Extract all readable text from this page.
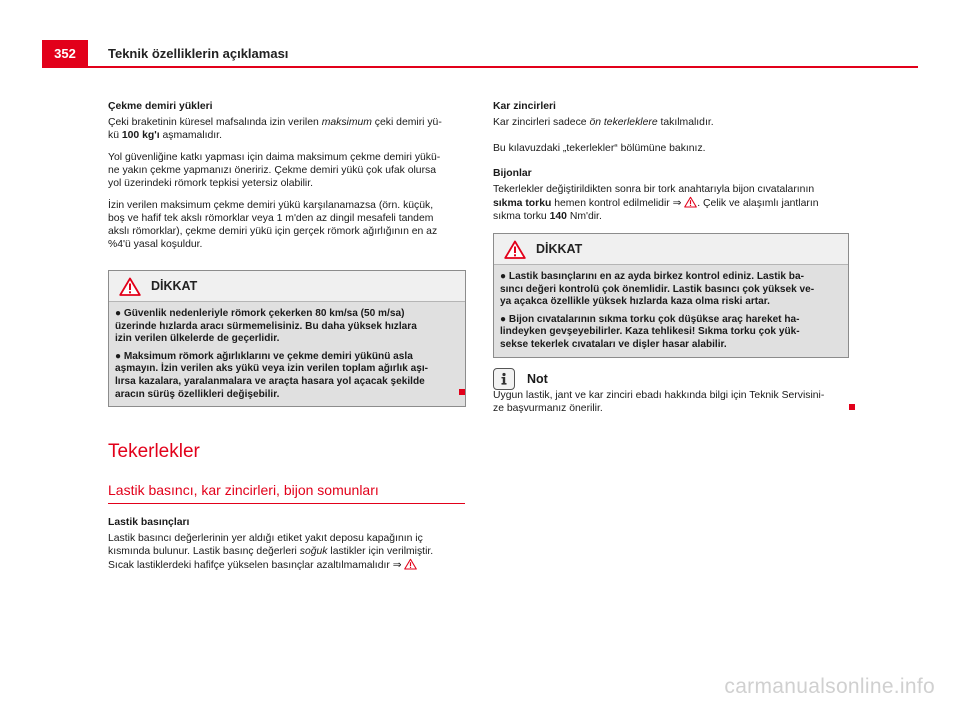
352	Teknik özelliklerin açıklaması

Çekme demiri yükleri

Çeki braketinin küresel mafsalında izin verilen maksimum çeki demiri yü-
kü 100 kg'ı aşmamalıdır.

Yol güvenliğine katkı yapması için daima maksimum çekme demiri yükü-
ne yakın çekme yapmanızı öneririz. Çekme demiri yükü çok ufak olursa
yol üzerindeki römork tepkisi yetersiz olabilir.

İzin verilen maksimum çekme demiri yükü karşılanamazsa (örn. küçük,
boş ve hafif tek akslı römorklar veya 1 m'den az dingil mesafeli tandem
akslı römorklar), çekme demiri yükü için gerçek römork ağırlığının en az
%4'ü yasal koşuldur.

DİKKAT

● Güvenlik nedenleriyle römork çekerken 80 km/sa (50 m/sa)
üzerinde hızlarda aracı sürmemelisiniz. Bu daha yüksek hızlara
izin verilen ülkelerde de geçerlidir.

● Maksimum römork ağırlıklarını ve çekme demiri yükünü asla
aşmayın. İzin verilen aks yükü veya izin verilen toplam ağırlık aşı-
lırsa kazalara, yaralanmalara ve araçta hasara yol açacak şekilde
aracın sürüş özellikleri değişebilir.

Tekerlekler
Lastik basıncı, kar zincirleri, bijon somunları

Lastik basınçları

Lastik basıncı değerlerinin yer aldığı etiket yakıt deposu kapağının iç
kısmında bulunur. Lastik basınç değerleri soğuk lastikler için verilmiştir.
Sıcak lastiklerdeki hafifçe yükselen basınçlar azaltılmamalıdır ⇒

Kar zincirleri

Kar zincirleri sadece ön tekerleklere takılmalıdır.

Bu kılavuzdaki „tekerlekler“ bölümüne bakınız.

Bijonlar

Tekerlekler değiştirildikten sonra bir tork anahtarıyla bijon cıvatalarının
sıkma torku hemen kontrol edilmelidir ⇒ . Çelik ve alaşımlı jantların
sıkma torku 140 Nm'dir.

DİKKAT

● Lastik basınçlarını en az ayda birkez kontrol ediniz. Lastik ba-
sıncı değeri kontrolü çok önemlidir. Lastik basıncı çok yüksek ve-
ya açakca özellikle yüksek hızlarda kaza olma riski artar.

● Bijon cıvatalarının sıkma torku çok düşükse araç hareket ha-
lindeyken gevşeyebilirler. Kaza tehlikesi! Sıkma torku çok yük-
sekse tekerlek cıvataları ve dişler hasar alabilir.

Not
Uygun lastik, jant ve kar zinciri ebadı hakkında bilgi için Teknik Servisini-
ze başvurmanız önerilir.
carmanualsonline.info
